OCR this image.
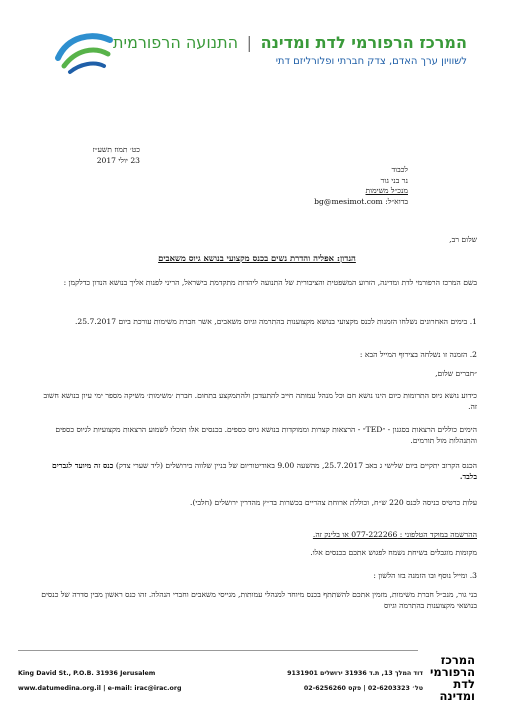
המרכז הרפורמי לדת ומדינה | התנועה הרפורמית
לשוויון ערך האדם, צדק חברתי ופלורליזם דתי
כט׳ תמוז תשע״ז
23 יולי 2017
לכבוד
נר בני גור
מנכ״ל משימות
בדוא״ל: bg@mesimot.com
שלום רב,
הנדון: אפליה והדרת נשים בכנס מקצועי בנושא גיוס משאבים
בשם המרכז הרפורמי לדת ומדינה, הזרוע המשפטית והציבורית של התנועה ליהדות מתקדמת בישראל, הריני לפנות אליך בנושא הנדון כדלקמן :
1. בימים האחרונים נשלחו הזמנות לכנס מקצועי בנושא מקצוענות בהתרמה וגיוס משאבים, אשר חברת משימות עורכת ביום 25.7.2017.
2. הזמנה זו נשלחה בצירוף המייל הבא :
״חברים שלום,
כידוע נושא גיוס התרומות כיום הינו נושא חם וכל מנהל עמותה חייב להתעדכן ולהתמקצע בתחום. חברת ׳משימות׳ משיקה מספר ימי עיון בנושא חשוב זה.
הימים כוללים הרצאות בסגנון - ״TED״ - הרצאות קצרות וממוקדות בנושא גיוס כספים. בכנסים אלו תוכלו לשמוע הרצאות מקצועיות לגיוס כספים והתנהלות מול תורמים.
הכנס הקרוב יתקיים ביום שלישי ג באב 25.7.2017, מהשעה 9.00 באודיטוריום של בניין שלווה בירושלים (ליד שערי צדק) כנס זה מיועד לגברים בלבד.
עלות כרטיס כניסה לכנס 220 ש״ח, וכוללת ארוחת צהריים בכשרות בד״ץ מהדרין ירושלים (חלבי).
ההרשמה במוקד הטלפוני : 077-222266 או בלינק זה.
מקומות מוגבלים בשיחת נשמח לפגוש אתכם בכנסים אלו.
3. ומייל נוסף ובו הזמנה בזו הלשון :
בני גור, מנכ״ל חברת משימות, מזמין אתכם להשתתף בכנס מיוחד למנהלי עמותות, מגייסי משאבים וחברי הנהלה. זהו כנס ראשון מבין סדרה של כנסים בנושאי מקצוענות בהתרמה וגיוס
King David St., P.O.B. 31936 Jerusalem	דוד המלך 13, ת.ד 31936 ירושלים 9131901
www.datumedina.org.il | e-mail: irac@irac.org	טל׳ 02-6203323 | פקס 02-6256260
המרכז
הרפורמי
לדת
ומדינה
